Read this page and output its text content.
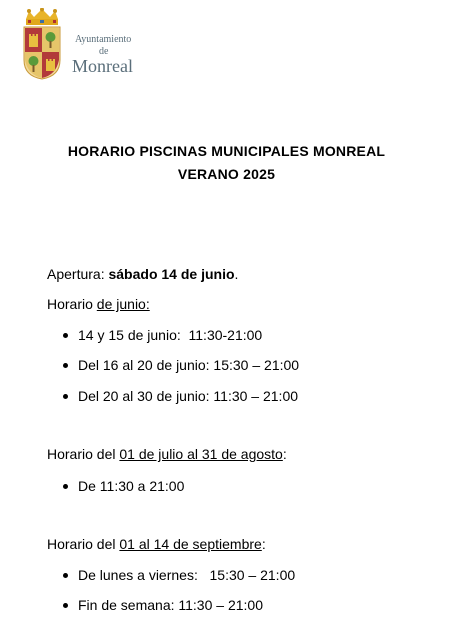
Ayuntamiento
de
Monreal
HORARIO PISCINAS MUNICIPALES MONREAL
VERANO 2025
Apertura: sábado 14 de junio.
Horario de junio:
14 y 15 de junio:  11:30-21:00
Del 16 al 20 de junio: 15:30 – 21:00
Del 20 al 30 de junio: 11:30 – 21:00
Horario del 01 de julio al 31 de agosto:
De 11:30 a 21:00
Horario del 01 al 14 de septiembre:
De lunes a viernes:   15:30 – 21:00
Fin de semana: 11:30 – 21:00
